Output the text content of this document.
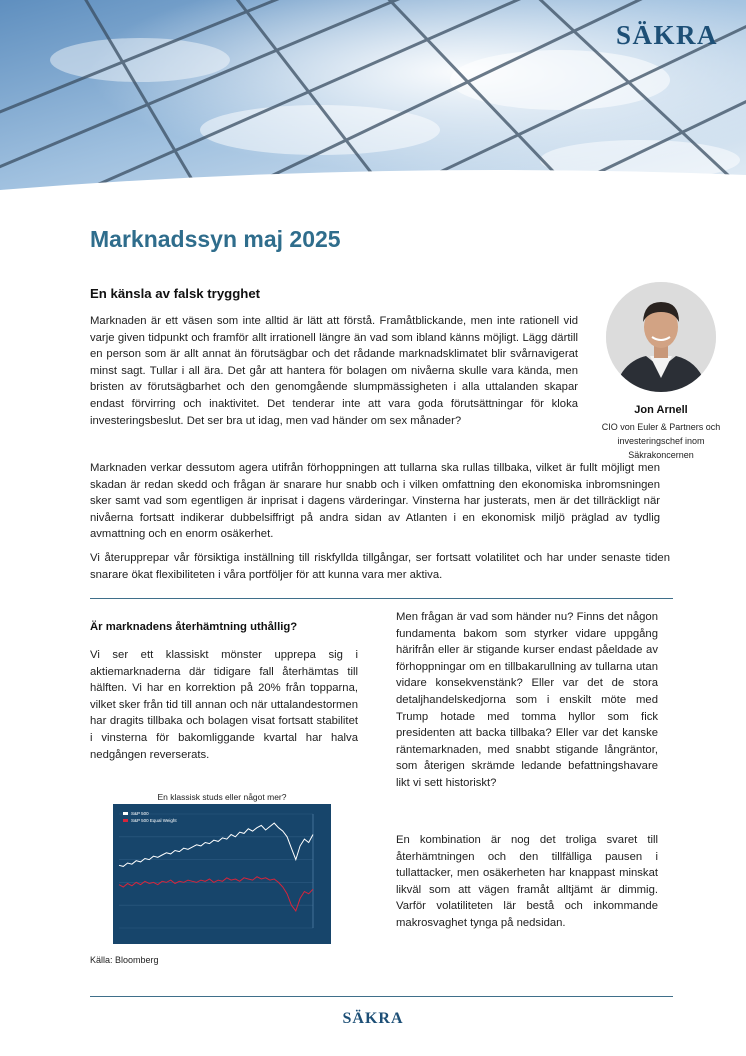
SÄKRA
Marknadssyn maj 2025
En känsla av falsk trygghet

Marknaden är ett väsen som inte alltid är lätt att förstå. Framåtblickande, men inte rationell vid varje given tidpunkt och framför allt irrationell längre än vad som ibland känns möjligt. Lägg därtill en person som är allt annat än förutsägbar och det rådande marknadsklimatet blir svårnavigerat minst sagt. Tullar i all ära. Det går att hantera för bolagen om nivåerna skulle vara kända, men bristen av förutsägbarhet och den genomgående slumpmässigheten i alla uttalanden skapar endast förvirring och inaktivitet. Det tenderar inte att vara goda förutsättningar för kloka investeringsbeslut. Det ser bra ut idag, men vad händer om sex månader?

Marknaden verkar dessutom agera utifrån förhoppningen att tullarna ska rullas tillbaka, vilket är fullt möjligt men skadan är redan skedd och frågan är snarare hur snabb och i vilken omfattning den ekonomiska inbromsningen sker samt vad som egentligen är inprisat i dagens värderingar. Vinsterna har justerats, men är det tillräckligt när nivåerna fortsatt indikerar dubbelsiffrigt på andra sidan av Atlanten i en ekonomisk miljö präglad av tydlig avmattning och en enorm osäkerhet.

Vi återupprepar vår försiktiga inställning till riskfyllda tillgångar, ser fortsatt volatilitet och har under senaste tiden snarare ökat flexibiliteten i våra portföljer för att kunna vara mer aktiva.

Jon Arnell
CIO von Euler & Partners och investeringschef inom Säkrakoncernen
Är marknadens återhämtning uthållig?

Vi ser ett klassiskt mönster upprepa sig i aktiemarknaderna där tidigare fall återhämtas till hälften. Vi har en korrektion på 20% från topparna, vilket sker från tid till annan och när uttalandestormen har dragits tillbaka och bolagen visat fortsatt stabilitet i vinsterna för bakomliggande kvartal har halva nedgången reverserats.

En klassisk studs eller något mer?
S&P 500
S&P 500 Equal Weight
Källa: Bloomberg

Men frågan är vad som händer nu? Finns det någon fundamenta bakom som styrker vidare uppgång härifrån eller är stigande kurser endast påeldade av förhoppningar om en tillbakarullning av tullarna utan vidare konsekvenstänk? Eller var det de stora detaljhandelskedjorna som i enskilt möte med Trump hotade med tomma hyllor som fick presidenten att backa tillbaka? Eller var det kanske räntemarknaden, med snabbt stigande långräntor, som återigen skrämde ledande befattningshavare likt vi sett historiskt?

En kombination är nog det troliga svaret till återhämtningen och den tillfälliga pausen i tullattacker, men osäkerheten har knappast minskat likväl som att vägen framåt alltjämt är dimmig. Varför volatiliteten lär bestå och inkommande makrosvaghet tynga på nedsidan.

SÄKRA
